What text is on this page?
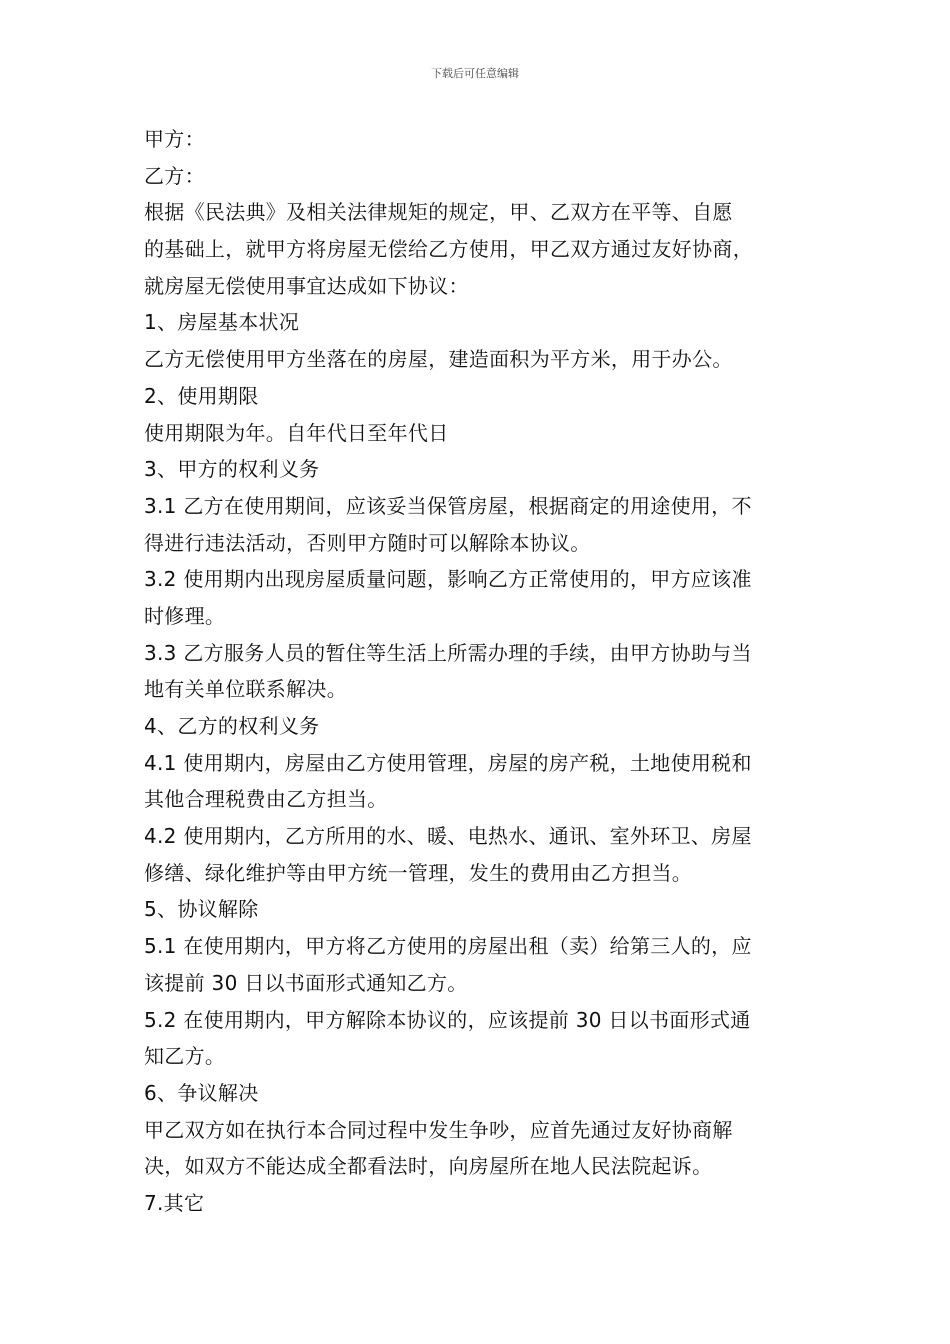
下载后可任意编辑
甲方：
乙方：
根据《民法典》及相关法律规矩的规定，甲、乙双方在平等、自愿
的基础上，就甲方将房屋无偿给乙方使用，甲乙双方通过友好协商，
就房屋无偿使用事宜达成如下协议：
1、房屋基本状况
乙方无偿使用甲方坐落在的房屋，建造面积为平方米，用于办公。
2、使用期限
使用期限为年。自年代日至年代日
3、甲方的权利义务
3.1 乙方在使用期间，应该妥当保管房屋，根据商定的用途使用，不
得进行违法活动，否则甲方随时可以解除本协议。
3.2 使用期内出现房屋质量问题，影响乙方正常使用的，甲方应该准
时修理。
3.3 乙方服务人员的暂住等生活上所需办理的手续，由甲方协助与当
地有关单位联系解决。
4、乙方的权利义务
4.1 使用期内，房屋由乙方使用管理，房屋的房产税，土地使用税和
其他合理税费由乙方担当。
4.2 使用期内，乙方所用的水、暖、电热水、通讯、室外环卫、房屋
修缮、绿化维护等由甲方统一管理，发生的费用由乙方担当。
5、协议解除
5.1 在使用期内，甲方将乙方使用的房屋出租（卖）给第三人的，应
该提前 30 日以书面形式通知乙方。
5.2 在使用期内，甲方解除本协议的，应该提前 30 日以书面形式通
知乙方。
6、争议解决
甲乙双方如在执行本合同过程中发生争吵，应首先通过友好协商解
决，如双方不能达成全都看法时，向房屋所在地人民法院起诉。
7.其它
